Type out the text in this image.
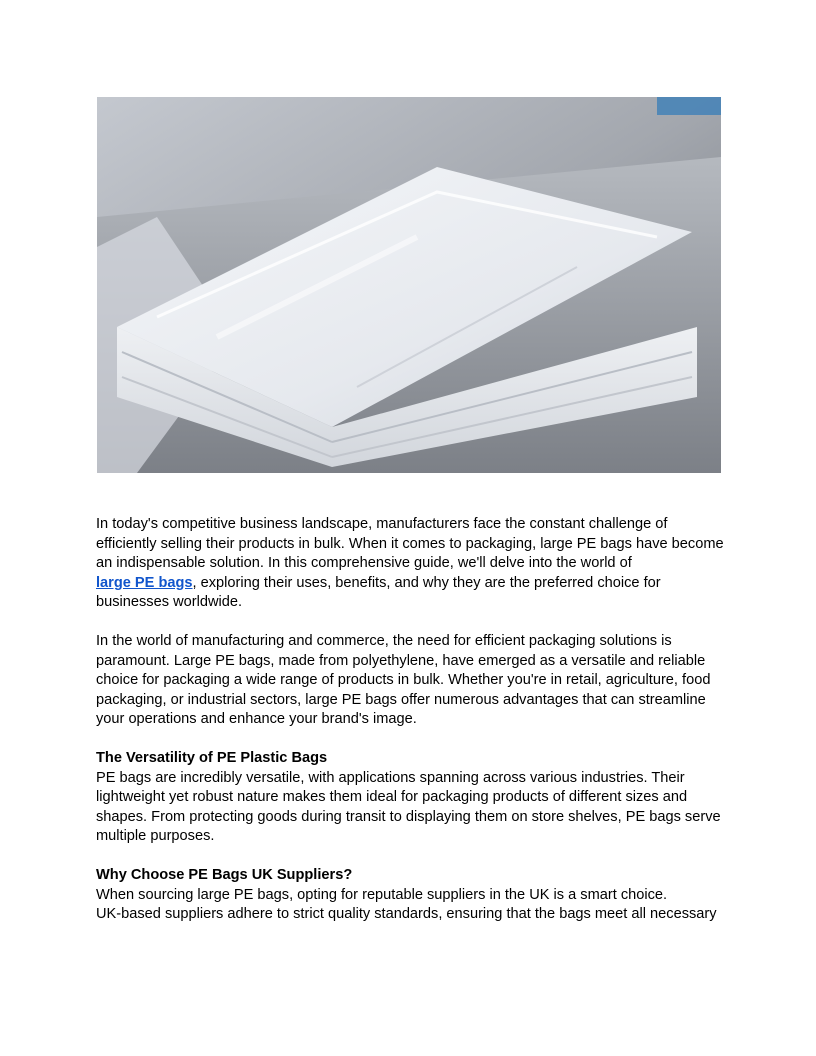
In today's competitive business landscape, manufacturers face the constant challenge of efficiently selling their products in bulk. When it comes to packaging, large PE bags have become an indispensable solution. In this comprehensive guide, we'll delve into the world of
large PE bags, exploring their uses, benefits, and why they are the preferred choice for businesses worldwide.

In the world of manufacturing and commerce, the need for efficient packaging solutions is paramount. Large PE bags, made from polyethylene, have emerged as a versatile and reliable choice for packaging a wide range of products in bulk. Whether you're in retail, agriculture, food packaging, or industrial sectors, large PE bags offer numerous advantages that can streamline your operations and enhance your brand's image.

The Versatility of PE Plastic Bags

PE bags are incredibly versatile, with applications spanning across various industries. Their lightweight yet robust nature makes them ideal for packaging products of different sizes and shapes. From protecting goods during transit to displaying them on store shelves, PE bags serve multiple purposes.

Why Choose PE Bags UK Suppliers?
When sourcing large PE bags, opting for reputable suppliers in the UK is a smart choice.
UK-based suppliers adhere to strict quality standards, ensuring that the bags meet all necessary
